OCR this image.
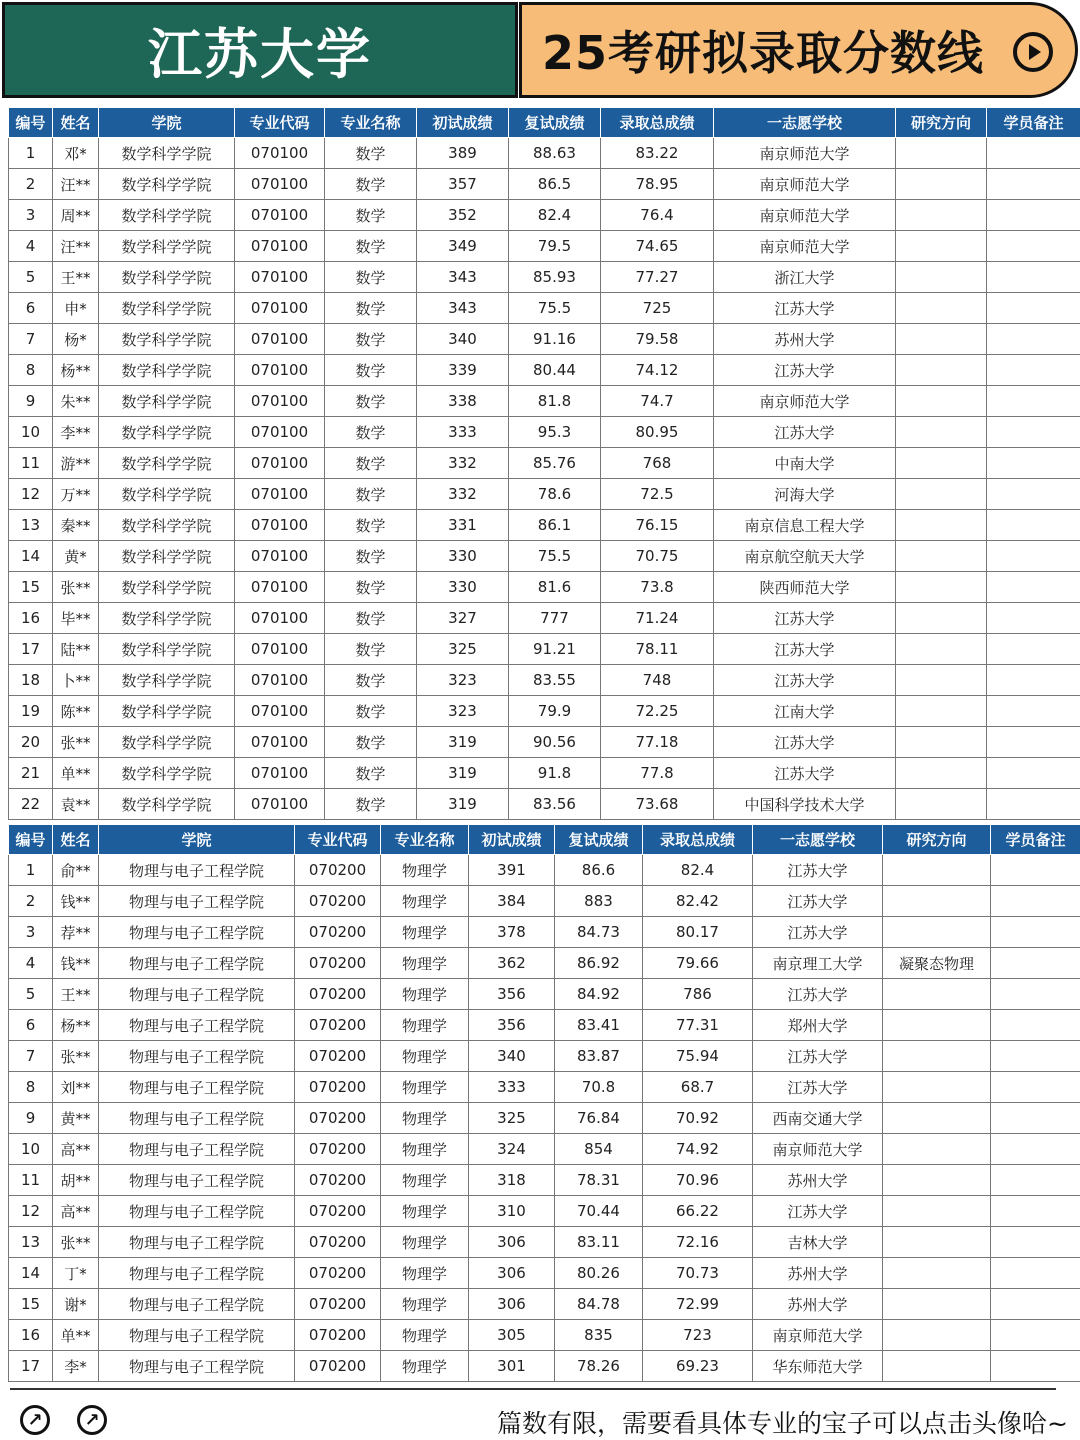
江苏大学	25考研拟录取分数线
编号	姓名	学院	专业代码	专业名称	初试成绩	复试成绩	录取总成绩	一志愿学校	研究方向	学员备注
1	邓*	数学科学学院	070100	数学	389	88.63	83.22	南京师范大学		
2	汪**	数学科学学院	070100	数学	357	86.5	78.95	南京师范大学		
3	周**	数学科学学院	070100	数学	352	82.4	76.4	南京师范大学		
4	汪**	数学科学学院	070100	数学	349	79.5	74.65	南京师范大学		
5	王**	数学科学学院	070100	数学	343	85.93	77.27	浙江大学		
6	申*	数学科学学院	070100	数学	343	75.5	725	江苏大学		
7	杨*	数学科学学院	070100	数学	340	91.16	79.58	苏州大学		
8	杨**	数学科学学院	070100	数学	339	80.44	74.12	江苏大学		
9	朱**	数学科学学院	070100	数学	338	81.8	74.7	南京师范大学		
10	李**	数学科学学院	070100	数学	333	95.3	80.95	江苏大学		
11	游**	数学科学学院	070100	数学	332	85.76	768	中南大学		
12	万**	数学科学学院	070100	数学	332	78.6	72.5	河海大学		
13	秦**	数学科学学院	070100	数学	331	86.1	76.15	南京信息工程大学		
14	黄*	数学科学学院	070100	数学	330	75.5	70.75	南京航空航天大学		
15	张**	数学科学学院	070100	数学	330	81.6	73.8	陕西师范大学		
16	毕**	数学科学学院	070100	数学	327	777	71.24	江苏大学		
17	陆**	数学科学学院	070100	数学	325	91.21	78.11	江苏大学		
18	卜**	数学科学学院	070100	数学	323	83.55	748	江苏大学		
19	陈**	数学科学学院	070100	数学	323	79.9	72.25	江南大学		
20	张**	数学科学学院	070100	数学	319	90.56	77.18	江苏大学		
21	单**	数学科学学院	070100	数学	319	91.8	77.8	江苏大学		
22	袁**	数学科学学院	070100	数学	319	83.56	73.68	中国科学技术大学		
编号	姓名	学院	专业代码	专业名称	初试成绩	复试成绩	录取总成绩	一志愿学校	研究方向	学员备注
1	俞**	物理与电子工程学院	070200	物理学	391	86.6	82.4	江苏大学		
2	钱**	物理与电子工程学院	070200	物理学	384	883	82.42	江苏大学		
3	荐**	物理与电子工程学院	070200	物理学	378	84.73	80.17	江苏大学		
4	钱**	物理与电子工程学院	070200	物理学	362	86.92	79.66	南京理工大学	凝聚态物理	
5	王**	物理与电子工程学院	070200	物理学	356	84.92	786	江苏大学		
6	杨**	物理与电子工程学院	070200	物理学	356	83.41	77.31	郑州大学		
7	张**	物理与电子工程学院	070200	物理学	340	83.87	75.94	江苏大学		
8	刘**	物理与电子工程学院	070200	物理学	333	70.8	68.7	江苏大学		
9	黄**	物理与电子工程学院	070200	物理学	325	76.84	70.92	西南交通大学		
10	高**	物理与电子工程学院	070200	物理学	324	854	74.92	南京师范大学		
11	胡**	物理与电子工程学院	070200	物理学	318	78.31	70.96	苏州大学		
12	高**	物理与电子工程学院	070200	物理学	310	70.44	66.22	江苏大学		
13	张**	物理与电子工程学院	070200	物理学	306	83.11	72.16	吉林大学		
14	丁*	物理与电子工程学院	070200	物理学	306	80.26	70.73	苏州大学		
15	谢*	物理与电子工程学院	070200	物理学	306	84.78	72.99	苏州大学		
16	单**	物理与电子工程学院	070200	物理学	305	835	723	南京师范大学		
17	李*	物理与电子工程学院	070200	物理学	301	78.26	69.23	华东师范大学		
↗	↗	篇数有限，需要看具体专业的宝子可以点击头像哈~
